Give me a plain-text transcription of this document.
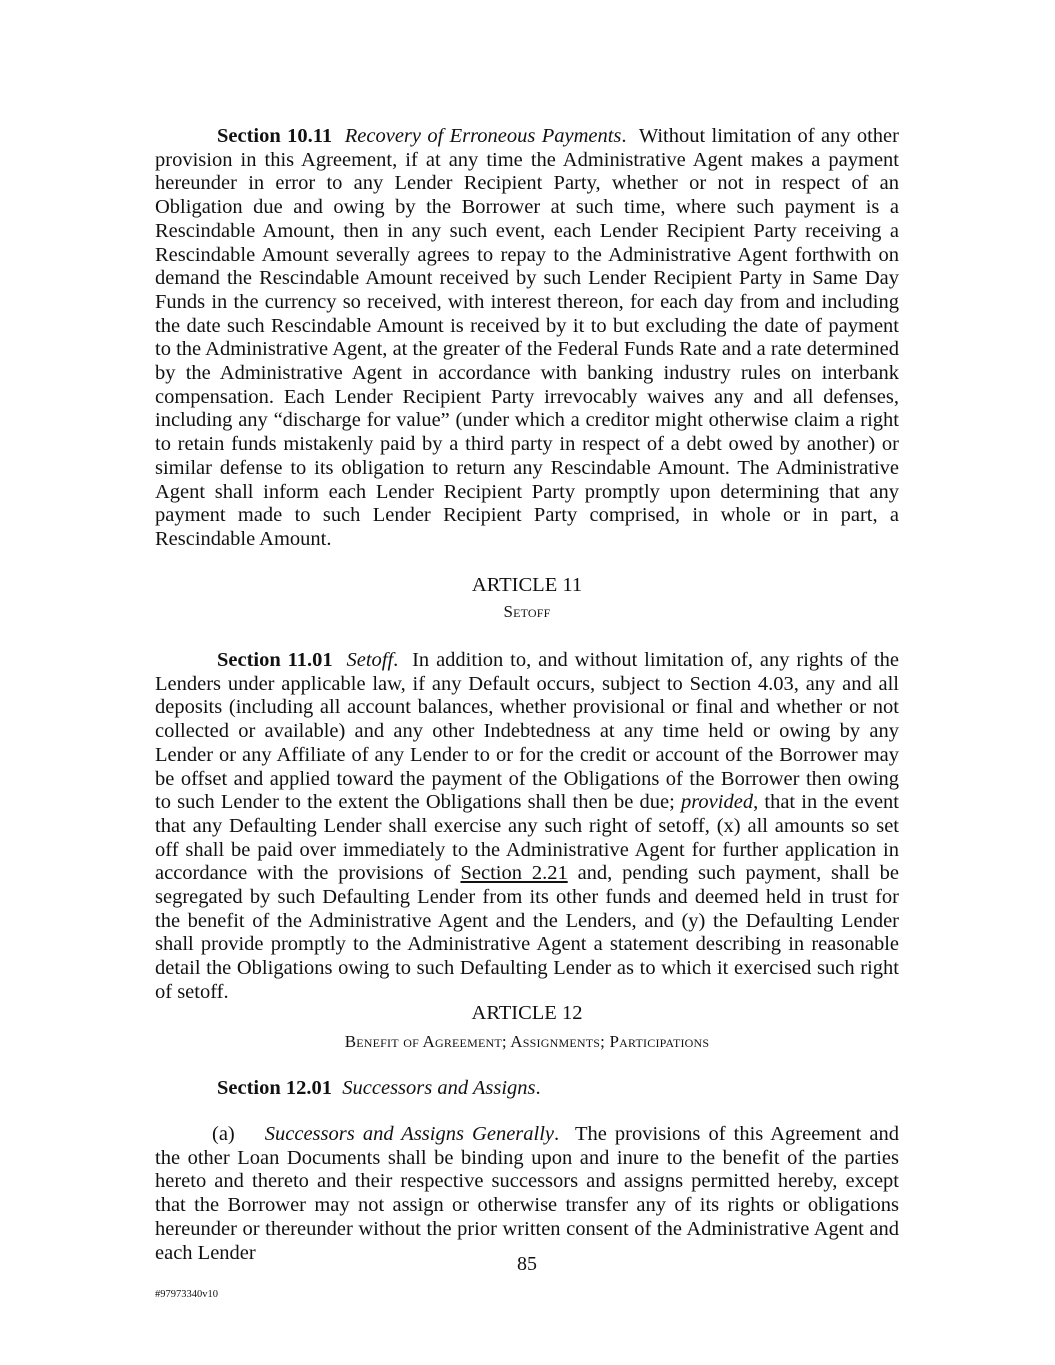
Section 10.11 Recovery of Erroneous Payments.  Without limitation of any other provision in this Agreement, if at any time the Administrative Agent makes a payment hereunder in error to any Lender Recipient Party, whether or not in respect of an Obligation due and owing by the Borrower at such time, where such payment is a Rescindable Amount, then in any such event, each Lender Recipient Party receiving a Rescindable Amount severally agrees to repay to the Administrative Agent forthwith on demand the Rescindable Amount received by such Lender Recipient Party in Same Day Funds in the currency so received, with interest thereon, for each day from and including the date such Rescindable Amount is received by it to but excluding the date of payment to the Administrative Agent, at the greater of the Federal Funds Rate and a rate determined by the Administrative Agent in accordance with banking industry rules on interbank compensation. Each Lender Recipient Party irrevocably waives any and all defenses, including any “discharge for value” (under which a creditor might otherwise claim a right to retain funds mistakenly paid by a third party in respect of a debt owed by another) or similar defense to its obligation to return any Rescindable Amount. The Administrative Agent shall inform each Lender Recipient Party promptly upon determining that any payment made to such Lender Recipient Party comprised, in whole or in part, a Rescindable Amount.

ARTICLE 11

Setoff

Section 11.01 Setoff.  In addition to, and without limitation of, any rights of the Lenders under applicable law, if any Default occurs, subject to Section 4.03, any and all deposits (including all account balances, whether provisional or final and whether or not collected or available) and any other Indebtedness at any time held or owing by any Lender or any Affiliate of any Lender to or for the credit or account of the Borrower may be offset and applied toward the payment of the Obligations of the Borrower then owing to such Lender to the extent the Obligations shall then be due; provided, that in the event that any Defaulting Lender shall exercise any such right of setoff, (x) all amounts so set off shall be paid over immediately to the Administrative Agent for further application in accordance with the provisions of Section 2.21 and, pending such payment, shall be segregated by such Defaulting Lender from its other funds and deemed held in trust for the benefit of the Administrative Agent and the Lenders, and (y) the Defaulting Lender shall provide promptly to the Administrative Agent a statement describing in reasonable detail the Obligations owing to such Defaulting Lender as to which it exercised such right of setoff.

ARTICLE 12

Benefit of Agreement; Assignments; Participations

Section 12.01 Successors and Assigns.

(a) Successors and Assigns Generally.  The provisions of this Agreement and the other Loan Documents shall be binding upon and inure to the benefit of the parties hereto and thereto and their respective successors and assigns permitted hereby, except that the Borrower may not assign or otherwise transfer any of its rights or obligations hereunder or thereunder without the prior written consent of the Administrative Agent and each Lender

85
#97973340v10
